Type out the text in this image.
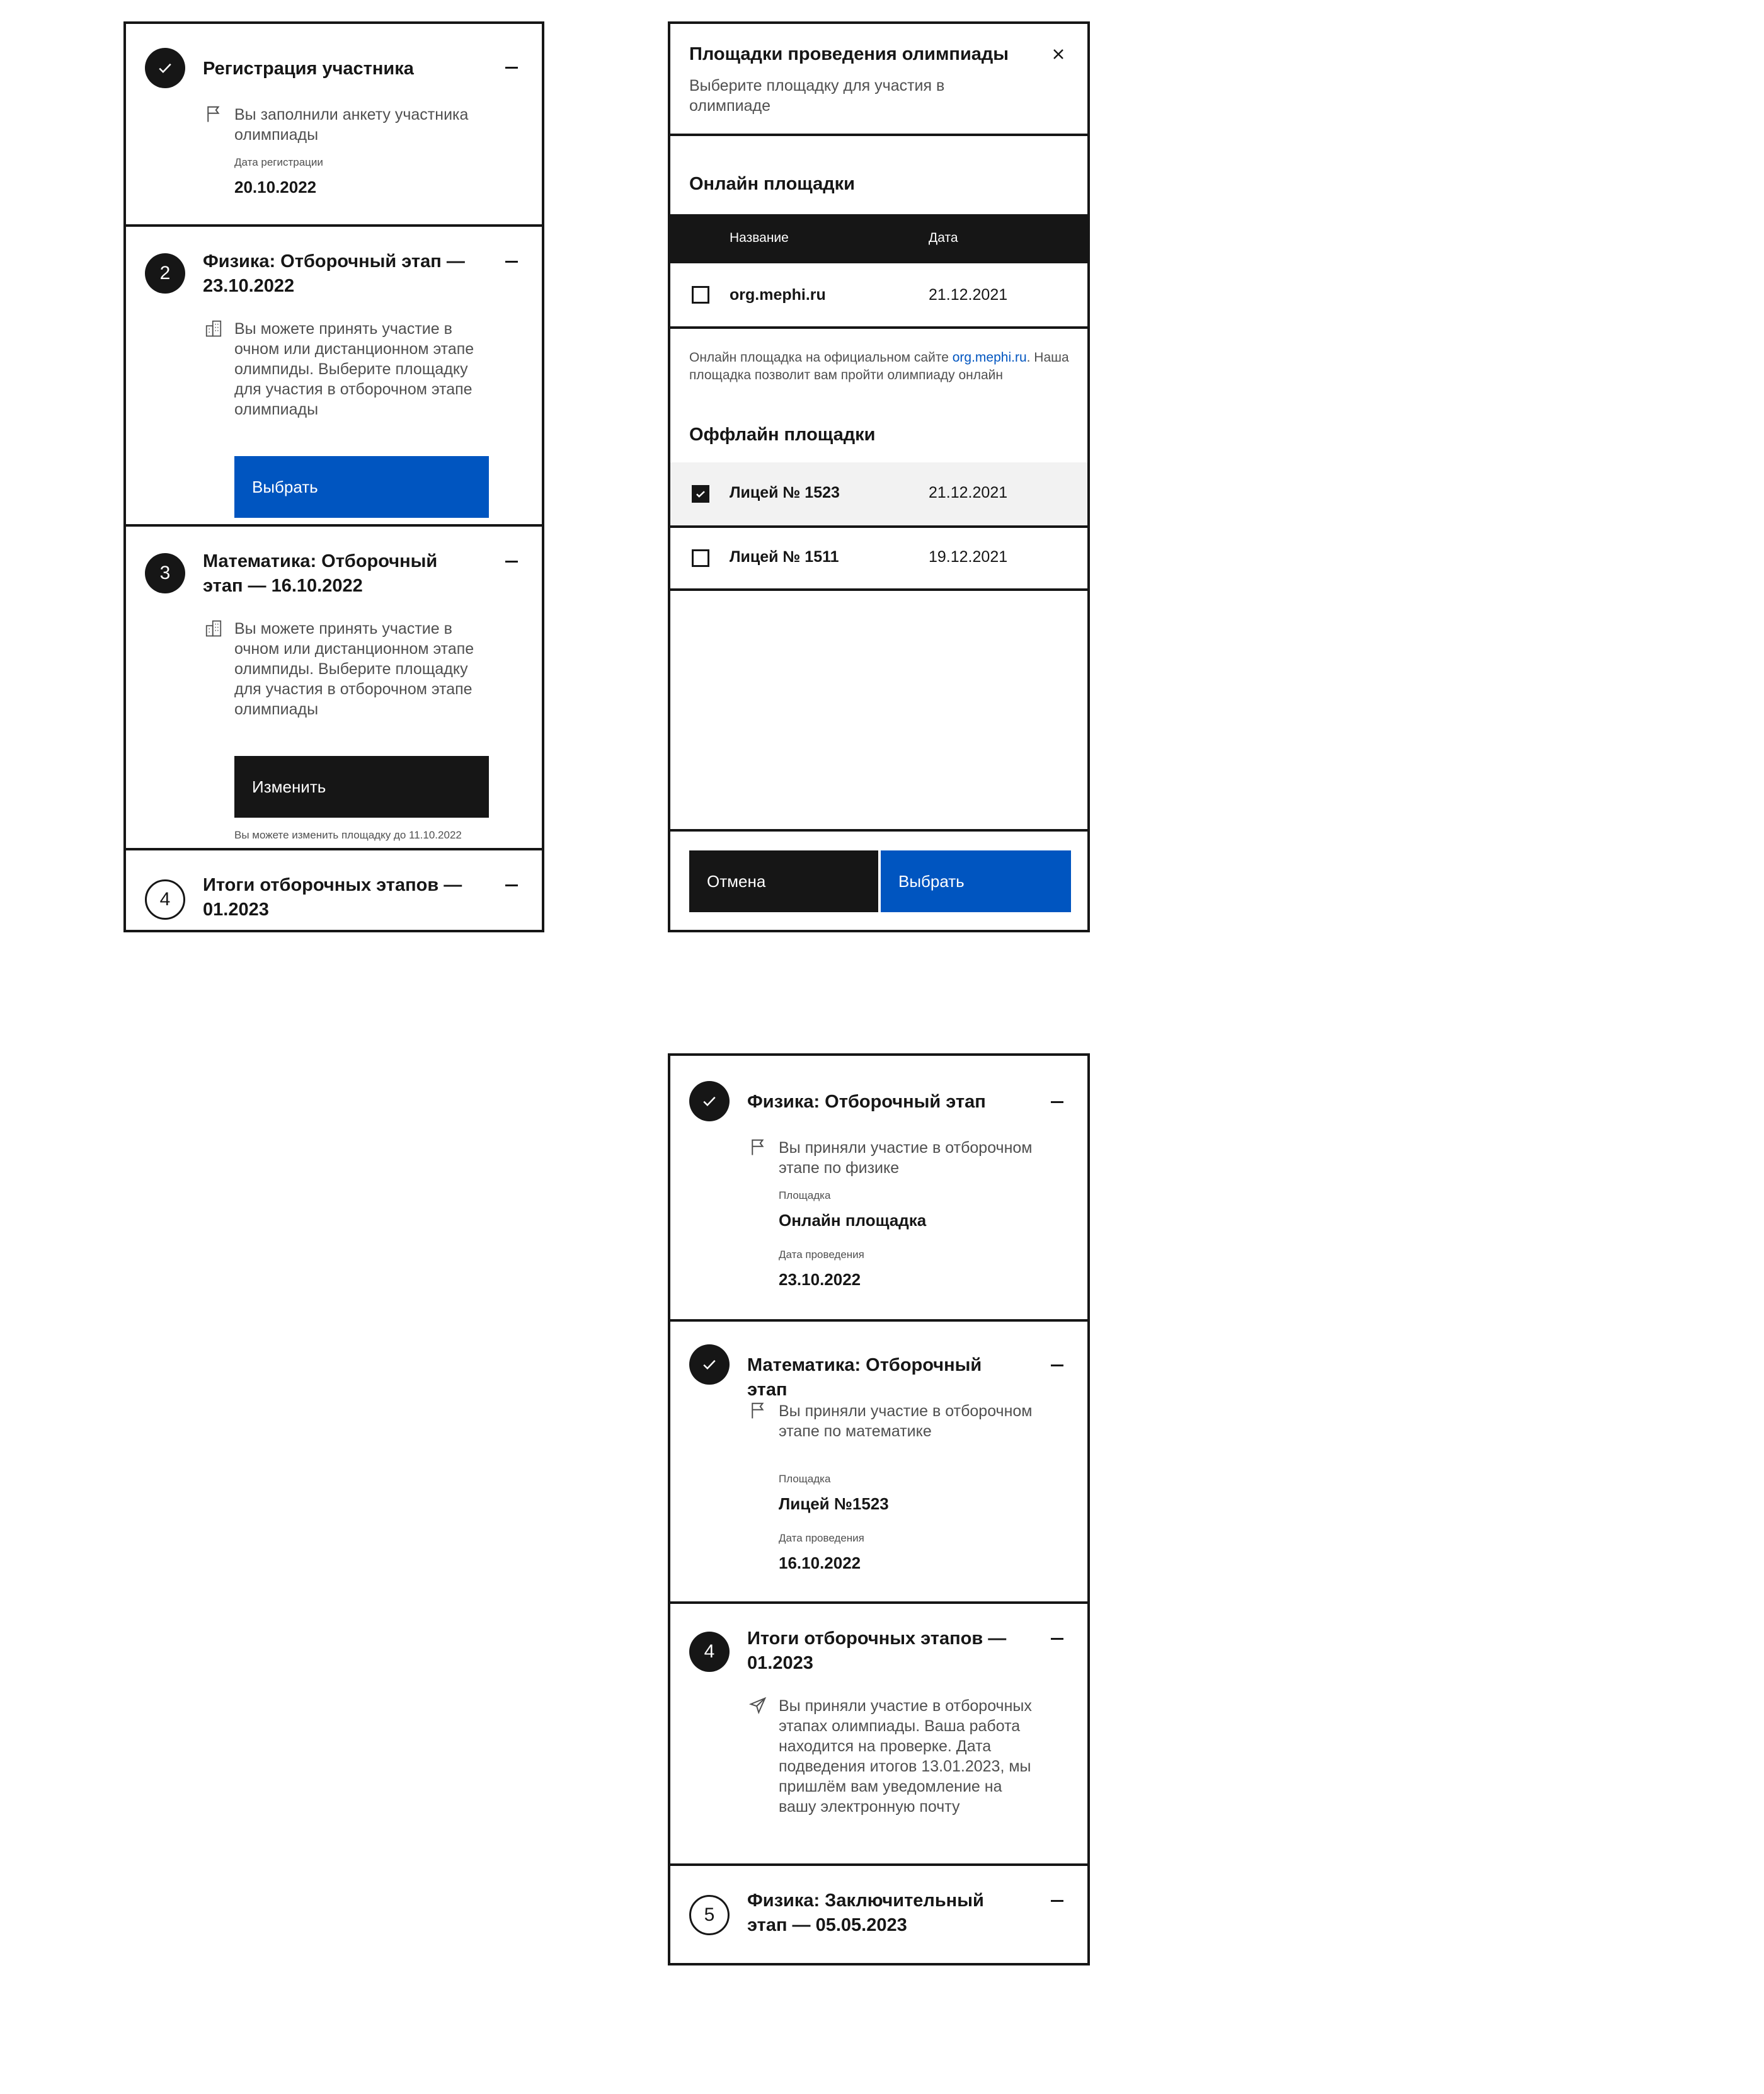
Регистрация участника
Вы заполнили анкету участника олимпиады
Дата регистрации
20.10.2022
2
Физика: Отборочный этап — 23.10.2022
Вы можете принять участие в очном или дистанционном этапе олимпиды. Выберите площадку для участия в отборочном этапе олимпиады
Выбрать
3
Математика: Отборочный этап — 16.10.2022
Вы можете принять участие в очном или дистанционном этапе олимпиды. Выберите площадку для участия в отборочном этапе олимпиады
Изменить
Вы можете изменить площадку до 11.10.2022
4
Итоги отборочных этапов — 01.2023
Площадки проведения олимпиады
Выберите площадку для участия в олимпиаде
Онлайн площадки
Название	Дата
org.mephi.ru	21.12.2021
Онлайн площадка на официальном сайте org.mephi.ru. Наша площадка позволит вам пройти олимпиаду онлайн
Оффлайн площадки
Лицей № 1523	21.12.2021
Лицей № 1511	19.12.2021
Отмена	Выбрать
Физика: Отборочный этап
Вы приняли участие в отборочном этапе по физике
Площадка
Онлайн площадка
Дата проведения
23.10.2022
Математика: Отборочный этап
Вы приняли участие в отборочном этапе по математике
Площадка
Лицей №1523
Дата проведения
16.10.2022
4
Итоги отборочных этапов — 01.2023
Вы приняли участие в отборочных этапах олимпиады. Ваша работа находится на проверке. Дата подведения итогов 13.01.2023, мы пришлём вам уведомление на вашу электронную почту
5
Физика: Заключительный этап — 05.05.2023
